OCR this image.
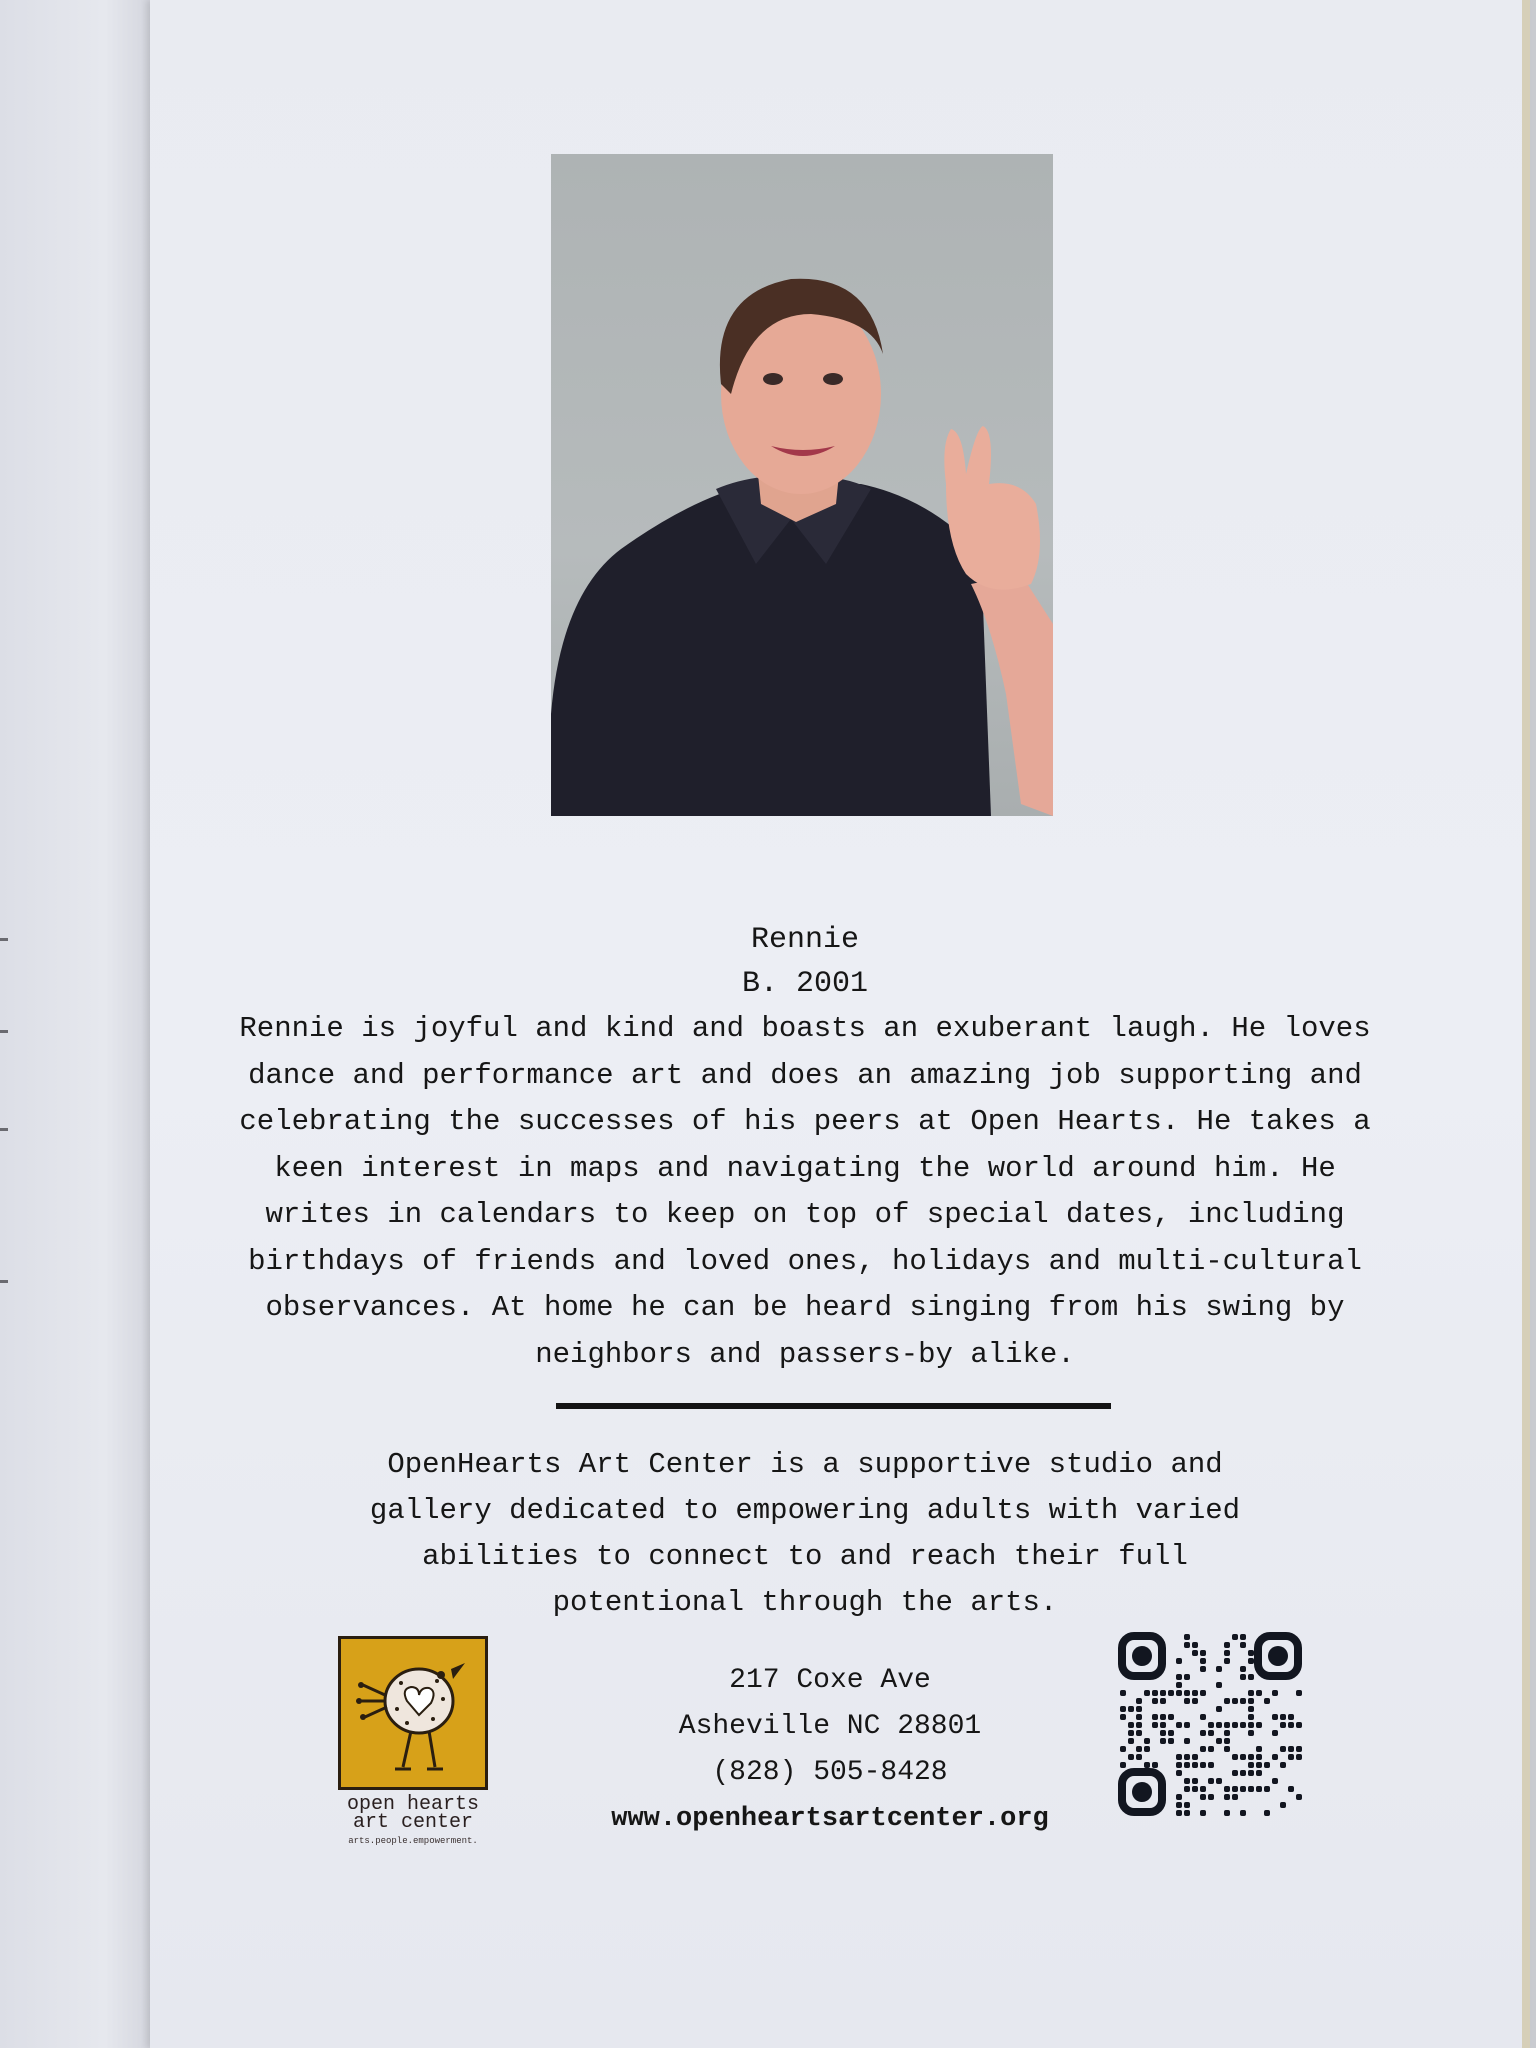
Rennie

B. 2001

Rennie is joyful and kind and boasts an exuberant laugh. He loves
dance and performance art and does an amazing job supporting and
celebrating the successes of his peers at Open Hearts. He takes a
keen interest in maps and navigating the world around him. He
writes in calendars to keep on top of special dates, including
birthdays of friends and loved ones, holidays and multi-cultural
observances. At home he can be heard singing from his swing by
neighbors and passers-by alike.

OpenHearts Art Center is a supportive studio and
gallery dedicated to empowering adults with varied
abilities to connect to and reach their full
potentional through the arts.

open hearts
art center

arts.people.empowerment.

217 Coxe Ave
Asheville NC 28801
(828) 505-8428
www.openheartsartcenter.org
